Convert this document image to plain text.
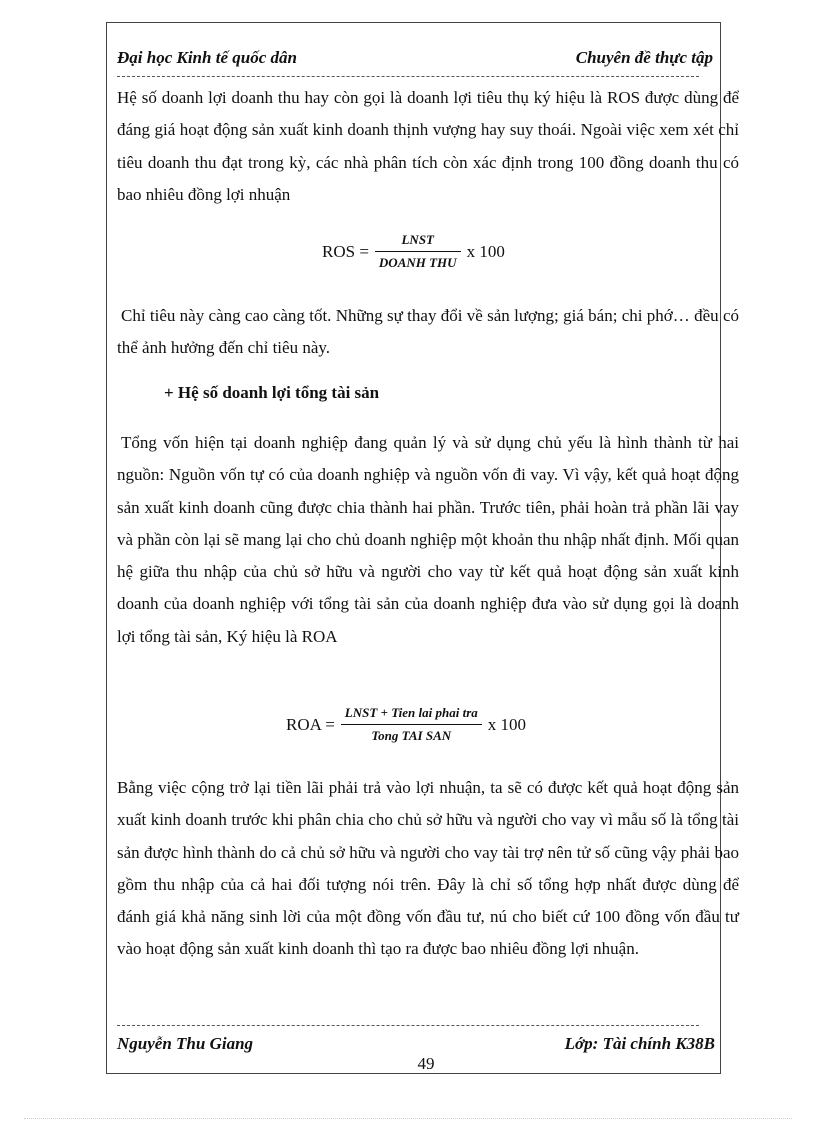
Đại học Kinh tế quốc dân	Chuyên đề thực tập

Hệ số doanh lợi doanh thu hay còn gọi là doanh lợi tiêu thụ ký hiệu là ROS được dùng để đáng giá hoạt động sản xuất kinh doanh thịnh vượng hay suy thoái. Ngoài việc xem xét chỉ tiêu doanh thu đạt trong kỳ, các nhà phân tích còn xác định trong 100 đồng doanh thu có bao nhiêu đồng lợi nhuận

ROS = $\frac{\text{LNST}}{\text{DOANH THU}}$ x 100

Chỉ tiêu này càng cao càng tốt. Những sự thay đổi về sản lượng; giá bán; chi phớ… đều có thể ảnh hưởng đến chỉ tiêu này.

+ Hệ số doanh lợi tổng tài sản

Tổng vốn hiện tại doanh nghiệp đang quản lý và sử dụng chủ yếu là hình thành từ hai nguồn: Nguồn vốn tự có của doanh nghiệp và nguồn vốn đi vay. Vì vậy, kết quả hoạt động sản xuất kinh doanh cũng được chia thành hai phần. Trước tiên, phải hoàn trả phần lãi vay và phần còn lại sẽ mang lại cho chủ doanh nghiệp một khoản thu nhập nhất định. Mối quan hệ giữa thu nhập của chủ sở hữu và người cho vay từ kết quả hoạt động sản xuất kinh doanh của doanh nghiệp với tổng tài sản của doanh nghiệp đưa vào sử dụng gọi là doanh lợi tổng tài sản, Ký hiệu là ROA

ROA = $\frac{\text{LNST + Tien lai phai tra}}{\text{Tong TAI SAN}}$ x 100

Bằng việc cộng trở lại tiền lãi phải trả vào lợi nhuận, ta sẽ có được kết quả hoạt động sản xuất kinh doanh trước khi phân chia cho chủ sở hữu và người cho vay vì mẫu số là tổng tài sản được hình thành do cả chủ sở hữu và người cho vay tài trợ nên tử số cũng vậy phải bao gồm thu nhập của cả hai đối tượng nói trên. Đây là chỉ số tổng hợp nhất được dùng để đánh giá khả năng sinh lời của một đồng vốn đầu tư, nú cho biết cứ 100 đồng vốn đầu tư vào hoạt động sản xuất kinh doanh thì tạo ra được bao nhiêu đồng lợi nhuận.

Nguyễn Thu Giang	Lớp: Tài chính K38B
49
